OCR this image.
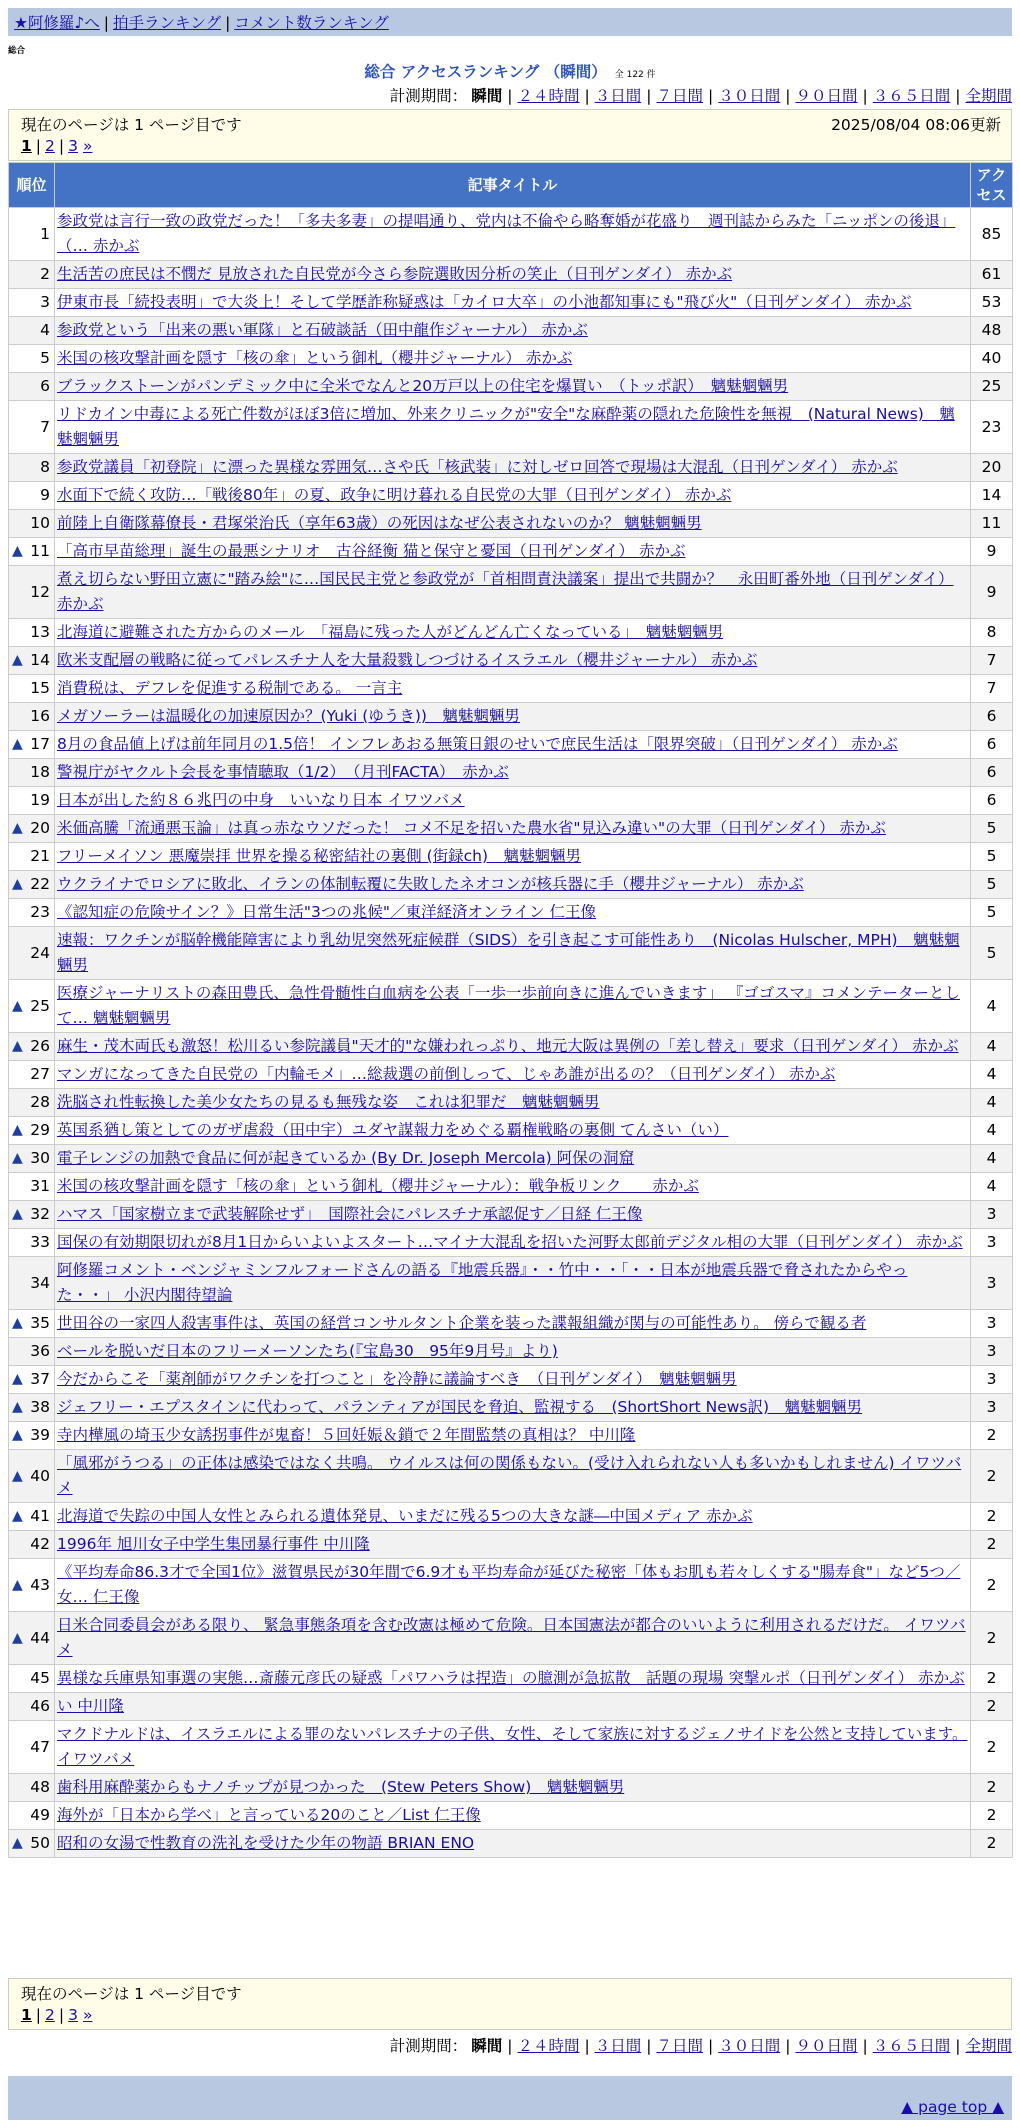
★阿修羅♪へ | 拍手ランキング | コメント数ランキング
総合
総合 アクセスランキング （瞬間） 全 122 件
計測期間： 瞬間 | ２４時間 | ３日間 | ７日間 | ３０日間 | ９０日間 | ３６５日間 | 全期間
現在のページは 1 ページ目です	2025/08/04 08:06更新
1 | 2 | 3 »
順位	記事タイトル	アクセス
1	参政党は言行一致の政党だった！「多夫多妻」の提唱通り、党内は不倫やら略奪婚が花盛り　週刊誌からみた「ニッポンの後退」（… 赤かぶ	85
2	生活苦の庶民は不憫だ 見放された自民党が今さら参院選敗因分析の笑止（日刊ゲンダイ） 赤かぶ	61
3	伊東市長「続投表明」で大炎上！そして学歴詐称疑惑は「カイロ大卒」の小池都知事にも"飛び火"（日刊ゲンダイ） 赤かぶ	53
4	参政党という「出来の悪い軍隊」と石破談話（田中龍作ジャーナル） 赤かぶ	48
5	米国の核攻撃計画を隠す「核の傘」という御札（櫻井ジャーナル） 赤かぶ	40
6	ブラックストーンがパンデミック中に全米でなんと20万戸以上の住宅を爆買い　（トッポ訳）　魑魅魍魎男	25
7	リドカイン中毒による死亡件数がほぼ3倍に増加、外来クリニックが"安全"な麻酔薬の隠れた危険性を無視　(Natural News)　魑魅魍魎男	23
8	参政党議員「初登院」に漂った異様な雰囲気…さや氏「核武装」に対しゼロ回答で現場は大混乱（日刊ゲンダイ） 赤かぶ	20
9	水面下で続く攻防…「戦後80年」の夏、政争に明け暮れる自民党の大罪（日刊ゲンダイ） 赤かぶ	14
10	前陸上自衛隊幕僚長・君塚栄治氏（享年63歳）の死因はなぜ公表されないのか？ 魑魅魍魎男	11

▲ 11	「高市早苗総理」誕生の最悪シナリオ　古谷経衡 猫と保守と憂国（日刊ゲンダイ） 赤かぶ	9
12	煮え切らない野田立憲に"踏み絵"に…国民民主党と参政党が「首相問責決議案」提出で共闘か？　永田町番外地（日刊ゲンダイ） 赤かぶ	9
13	北海道に避難された方からのメール　「福島に残った人がどんどん亡くなっている」　魑魅魍魎男	8

▲ 14	欧米支配層の戦略に従ってパレスチナ人を大量殺戮しつづけるイスラエル（櫻井ジャーナル） 赤かぶ	7
15	消費税は、デフレを促進する税制である。 一言主	7
16	メガソーラーは温暖化の加速原因か？(Yuki (ゆうき))　魑魅魍魎男	6

▲ 17	8月の食品値上げは前年同月の1.5倍！ インフレあおる無策日銀のせいで庶民生活は「限界突破」（日刊ゲンダイ） 赤かぶ	6
18	警視庁がヤクルト会長を事情聴取（1/2）　（月刊FACTA）　赤かぶ	6
19	日本が出した約８６兆円の中身　いいなり日本 イワツバメ	6

▲ 20	米価高騰「流通悪玉論」は真っ赤なウソだった！ コメ不足を招いた農水省"見込み違い"の大罪（日刊ゲンダイ） 赤かぶ	5
21	フリーメイソン 悪魔崇拝 世界を操る秘密結社の裏側 (街録ch)　魑魅魍魎男	5

▲ 22	ウクライナでロシアに敗北、イランの体制転覆に失敗したネオコンが核兵器に手（櫻井ジャーナル） 赤かぶ	5
23	《認知症の危険サイン？》日常生活"3つの兆候"／東洋経済オンライン 仁王像	5
24	速報：ワクチンが脳幹機能障害により乳幼児突然死症候群（SIDS）を引き起こす可能性あり　(Nicolas Hulscher, MPH)　魑魅魍魎男	5

▲ 25	医療ジャーナリストの森田豊氏、急性骨髄性白血病を公表「一歩一歩前向きに進んでいきます」 『ゴゴスマ』コメンテーターとして… 魑魅魍魎男	4

▲ 26	麻生・茂木両氏も激怒！松川るい参院議員"天才的"な嫌われっぷり、地元大阪は異例の「差し替え」要求（日刊ゲンダイ） 赤かぶ	4
27	マンガになってきた自民党の「内輪モメ」…総裁選の前倒しって、じゃあ誰が出るの？（日刊ゲンダイ） 赤かぶ	4
28	洗脳され性転換した美少女たちの見るも無残な姿　これは犯罪だ　魑魅魍魎男	4

▲ 29	英国系猶し策としてのガザ虐殺（田中宇）ユダヤ謀報力をめぐる覇権戦略の裏側 てんさい（い）	4

▲ 30	電子レンジの加熱で食品に何が起きているか (By Dr. Joseph Mercola) 阿保の洞窟	4
31	米国の核攻撃計画を隠す「核の傘」という御札（櫻井ジャーナル）：戦争板リンク　　赤かぶ	4

▲ 32	ハマス「国家樹立まで武装解除せず」　国際社会にパレスチナ承認促す／日経 仁王像	3
33	国保の有効期限切れが8月1日からいよいよスタート…マイナ大混乱を招いた河野太郎前デジタル相の大罪（日刊ゲンダイ） 赤かぶ	3
34	阿修羅コメント・ベンジャミンフルフォードさんの語る『地震兵器』・・竹中・・「・・日本が地震兵器で脅されたからやった・・」 小沢内閣待望論	3

▲ 35	世田谷の一家四人殺害事件は、英国の経営コンサルタント企業を装った諜報組織が関与の可能性あり。 傍らで観る者	3
36	ベールを脱いだ日本のフリーメーソンたち(『宝島30　95年9月号』より)	3

▲ 37	今だからこそ「薬剤師がワクチンを打つこと」を冷静に議論すべき　（日刊ゲンダイ）　魑魅魍魎男	3

▲ 38	ジェフリー・エプスタインに代わって、パランティアが国民を脅迫、監視する　(ShortShort News訳)　魑魅魍魎男	3

▲ 39	寺内樺風の埼玉少女誘拐事件が鬼畜！５回妊娠＆鎖で２年間監禁の真相は？ 中川隆	2

▲ 40	「風邪がうつる」の正体は感染ではなく共鳴。 ウイルスは何の関係もない。(受け入れられない人も多いかもしれません) イワツバメ	2

▲ 41	北海道で失踪の中国人女性とみられる遺体発見、いまだに残る5つの大きな謎―中国メディア 赤かぶ	2
42	1996年 旭川女子中学生集団暴行事件 中川隆	2

▲ 43	《平均寿命86.3才で全国1位》滋賀県民が30年間で6.9才も平均寿命が延びた秘密「体もお肌も若々しくする"腸寿食"」など5つ／女… 仁王像	2

▲ 44	日米合同委員会がある限り、 緊急事態条項を含む改憲は極めて危険。日本国憲法が都合のいいように利用されるだけだ。 イワツバメ	2
45	異様な兵庫県知事選の実態…斎藤元彦氏の疑惑「パワハラは捏造」の臆測が急拡散　話題の現場 突撃ルポ（日刊ゲンダイ） 赤かぶ	2
46	い 中川隆	2
47	マクドナルドは、イスラエルによる罪のないパレスチナの子供、女性、そして家族に対するジェノサイドを公然と支持しています。 イワツバメ	2
48	歯科用麻酔薬からもナノチップが見つかった　(Stew Peters Show)　魑魅魍魎男	2
49	海外が「日本から学べ」と言っている20のこと／List 仁王像	2

▲ 50	昭和の女湯で性教育の洗礼を受けた少年の物語 BRIAN ENO	2
現在のページは 1 ページ目です
1 | 2 | 3 »
計測期間： 瞬間 | ２４時間 | ３日間 | ７日間 | ３０日間 | ９０日間 | ３６５日間 | 全期間
▲ page top ▲
